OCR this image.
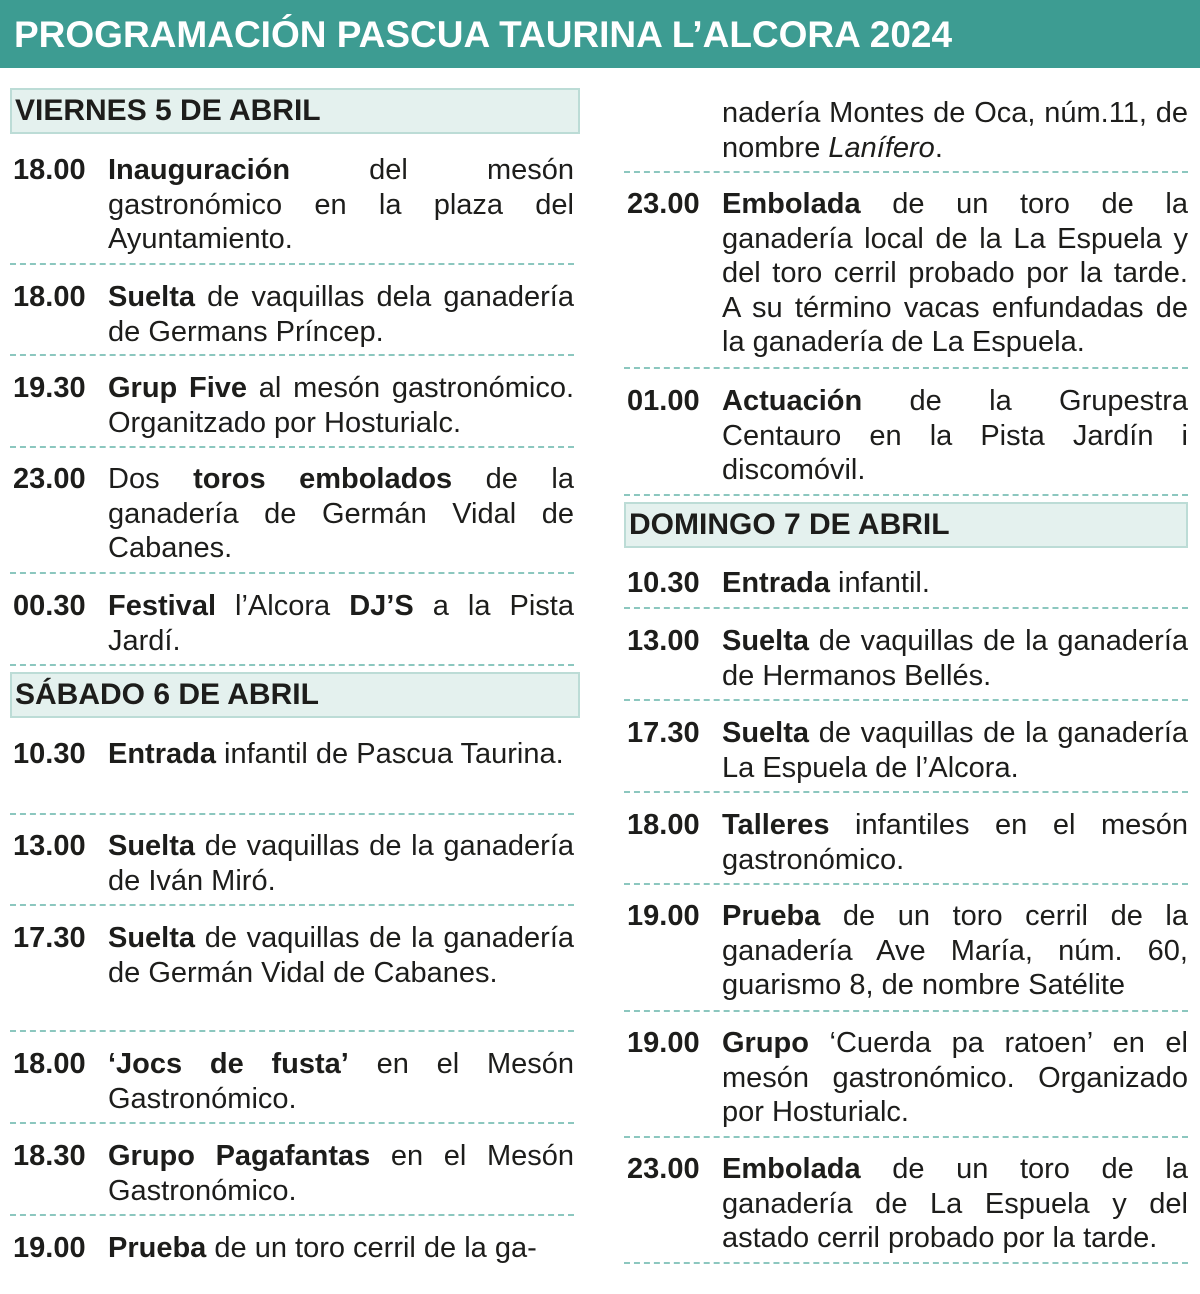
PROGRAMACIÓN PASCUA TAURINA L’ALCORA 2024
VIERNES 5 DE ABRIL
18.00 Inauguración del mesón gastronómico en la plaza del Ayuntamiento.
18.00 Suelta de vaquillas dela ganadería de Germans Príncep.
19.30 Grup Five al mesón gastronómico. Organitzado por Hosturialc.
23.00 Dos toros embolados de la ganadería de Germán Vidal de Cabanes.
00.30 Festival l’Alcora DJ’S a la Pista Jardí.
SÁBADO 6 DE ABRIL
10.30 Entrada infantil de Pascua Taurina.
13.00 Suelta de vaquillas de la ganadería de Iván Miró.
17.30 Suelta de vaquillas de la ganadería de Germán Vidal de Cabanes.
18.00 ‘Jocs de fusta’ en el Mesón Gastronómico.
18.30 Grupo Pagafantas en el Mesón Gastronómico.
19.00 Prueba de un toro cerril de la ga-
nadería Montes de Oca, núm.11, de nombre Lanífero.
23.00 Embolada de un toro de la ganadería local de la La Espuela y del toro cerril probado por la tarde. A su término vacas enfundadas de la ganadería de La Espuela.
01.00 Actuación de la Grupestra Centauro en la Pista Jardín i discomóvil.
DOMINGO 7 DE ABRIL
10.30 Entrada infantil.
13.00 Suelta de vaquillas de la ganadería de Hermanos Bellés.
17.30 Suelta de vaquillas de la ganadería La Espuela de l’Alcora.
18.00 Talleres infantiles en el mesón gastronómico.
19.00 Prueba de un toro cerril de la ganadería Ave María, núm. 60, guarismo 8, de nombre Satélite
19.00 Grupo ‘Cuerda pa ratoen’ en el mesón gastronómico. Organizado por Hosturialc.
23.00 Embolada de un toro de la ganadería de La Espuela y del astado cerril probado por la tarde.
